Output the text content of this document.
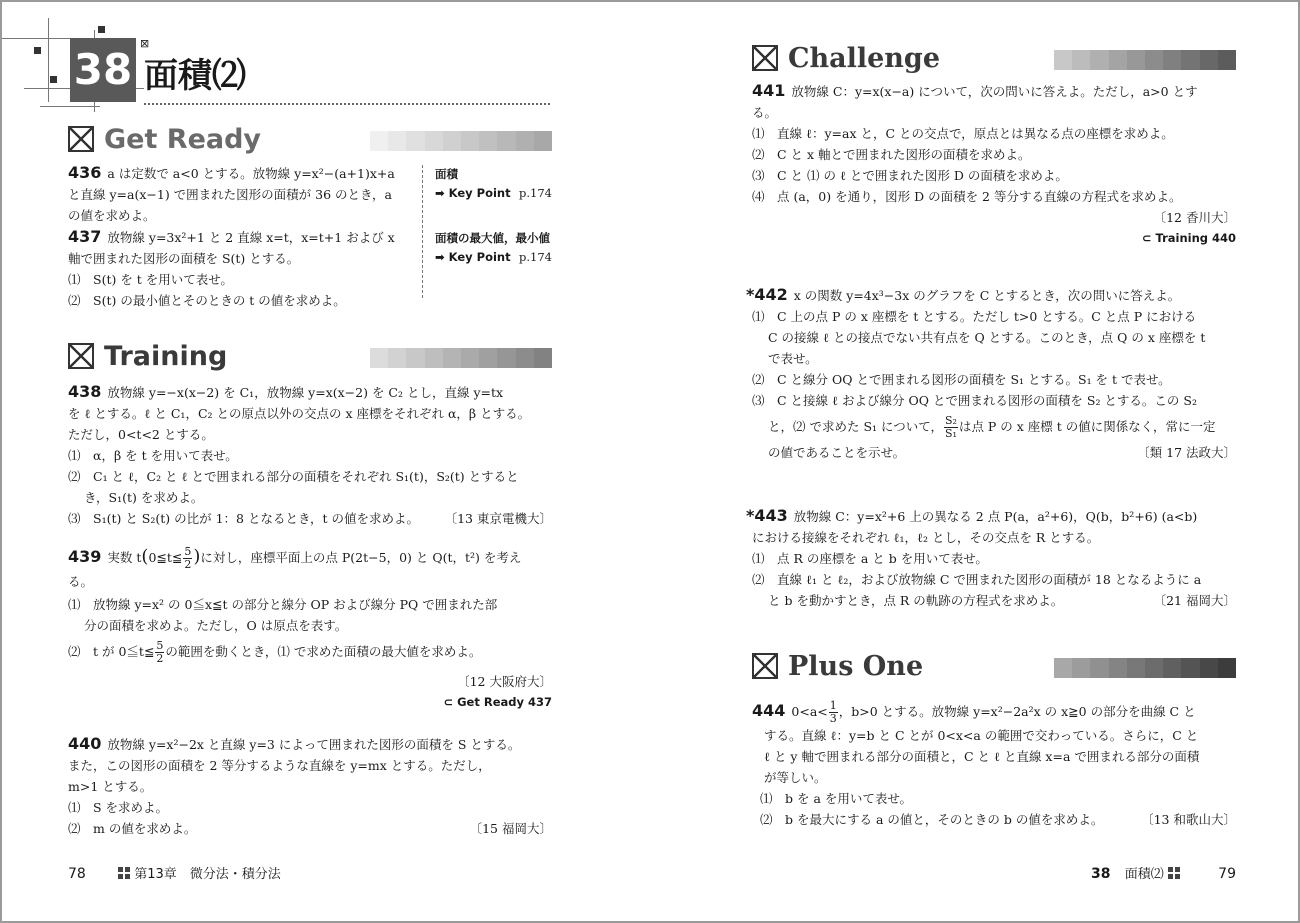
⊠
38 面積⑵
Get Ready
436 a は定数で a<0 とする。放物線 y=x²−(a+1)x+a
と直線 y=a(x−1) で囲まれた図形の面積が 36 のとき，a
の値を求めよ。
437 放物線 y=3x²+1 と 2 直線 x=t，x=t+1 および x
軸で囲まれた図形の面積を S(t) とする。
⑴　S(t) を t を用いて表せ。
⑵　S(t) の最小値とそのときの t の値を求めよ。
面積
➡ Key Point p.174
面積の最大値，最小値
➡ Key Point p.174
Training
438 放物線 y=−x(x−2) を C₁，放物線 y=x(x−2) を C₂ とし，直線 y=tx
を ℓ とする。ℓ と C₁，C₂ との原点以外の交点の x 座標をそれぞれ α，β とする。
ただし，0<t<2 とする。
⑴　α，β を t を用いて表せ。
⑵　C₁ と ℓ，C₂ と ℓ とで囲まれる部分の面積をそれぞれ S₁(t)，S₂(t) とすると
き，S₁(t) を求めよ。
⑶　S₁(t) と S₂(t) の比が 1：8 となるとき，t の値を求めよ。 〔13 東京電機大〕
439 実数 t(0≦t≦ $\frac{5}{2}$ )に対し，座標平面上の点 P(2t−5，0) と Q(t，t²) を考え
る。
⑴　放物線 y=x² の 0≦x≦t の部分と線分 OP および線分 PQ で囲まれた部
分の面積を求めよ。ただし，O は原点を表す。
⑵　t が 0≦t≦ $\frac{5}{2}$ の範囲を動くとき，⑴ で求めた面積の最大値を求めよ。
〔12 大阪府大〕
⊂ Get Ready 437
440 放物線 y=x²−2x と直線 y=3 によって囲まれた図形の面積を S とする。
また，この図形の面積を 2 等分するような直線を y=mx とする。ただし，
m>1 とする。
⑴　S を求めよ。
⑵　m の値を求めよ。	〔15 福岡大〕
78	第13章　微分法・積分法
Challenge
441 放物線 C：y=x(x−a) について，次の問いに答えよ。ただし，a>0 とす
る。
⑴　直線 ℓ：y=ax と，C との交点で，原点とは異なる点の座標を求めよ。
⑵　C と x 軸とで囲まれた図形の面積を求めよ。
⑶　C と ⑴ の ℓ とで囲まれた図形 D の面積を求めよ。
⑷　点 (a，0) を通り，図形 D の面積を 2 等分する直線の方程式を求めよ。
〔12 香川大〕
⊂ Training 440
*442 x の関数 y=4x³−3x のグラフを C とするとき，次の問いに答えよ。
⑴　C 上の点 P の x 座標を t とする。ただし t>0 とする。C と点 P における
C の接線 ℓ との接点でない共有点を Q とする。このとき，点 Q の x 座標を t
で表せ。
⑵　C と線分 OQ とで囲まれる図形の面積を S₁ とする。S₁ を t で表せ。
⑶　C と接線 ℓ および線分 OQ とで囲まれる図形の面積を S₂ とする。この S₂
と，⑵ で求めた S₁ について， $\frac{\text{S₂}}{\text{S₁}}$ は点 P の x 座標 t の値に関係なく，常に一定
の値であることを示せ。	〔類 17 法政大〕
*443 放物線 C：y=x²+6 上の異なる 2 点 P(a，a²+6)，Q(b，b²+6) (a<b)
における接線をそれぞれ ℓ₁，ℓ₂ とし，その交点を R とする。
⑴　点 R の座標を a と b を用いて表せ。
⑵　直線 ℓ₁ と ℓ₂，および放物線 C で囲まれた図形の面積が 18 となるように a
と b を動かすとき，点 R の軌跡の方程式を求めよ。	〔21 福岡大〕
Plus One
444 $0<a< \frac{1}{3}$ ，b>0 とする。放物線 y=x²−2a²x の x≧0 の部分を曲線 C と
する。直線 ℓ：y=b と C とが 0<x<a の範囲で交わっている。さらに，C と
ℓ と y 軸で囲まれる部分の面積と，C と ℓ と直線 x=a で囲まれる部分の面積
が等しい。
⑴　b を a を用いて表せ。
⑵　b を最大にする a の値と，そのときの b の値を求めよ。	〔13 和歌山大〕
38 面積⑵	79
